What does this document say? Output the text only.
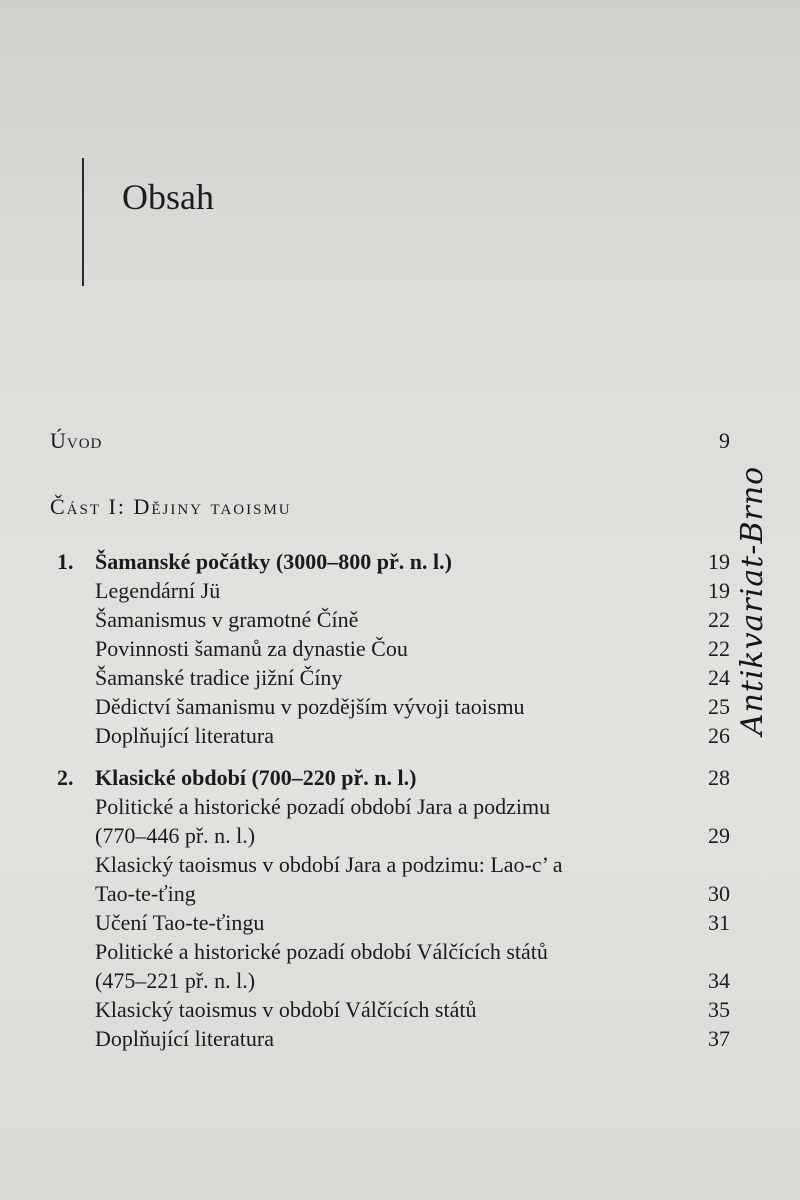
Obsah
Úvod	9
Část I: Dějiny taoismu
1. Šamanské počátky (3000–800 př. n. l.)	19
Legendární Jü	19
Šamanismus v gramotné Číně	22
Povinnosti šamanů za dynastie Čou	22
Šamanské tradice jižní Číny	24
Dědictví šamanismu v pozdějším vývoji taoismu	25
Doplňující literatura	26
2. Klasické období (700–220 př. n. l.)	28
Politické a historické pozadí období Jara a podzimu
(770–446 př. n. l.)	29
Klasický taoismus v období Jara a podzimu: Lao-c’ a
Tao-te-ťing	30
Učení Tao-te-ťingu	31
Politické a historické pozadí období Válčících států
(475–221 př. n. l.)	34
Klasický taoismus v období Válčících států	35
Doplňující literatura	37
Antikvariat-Brno
